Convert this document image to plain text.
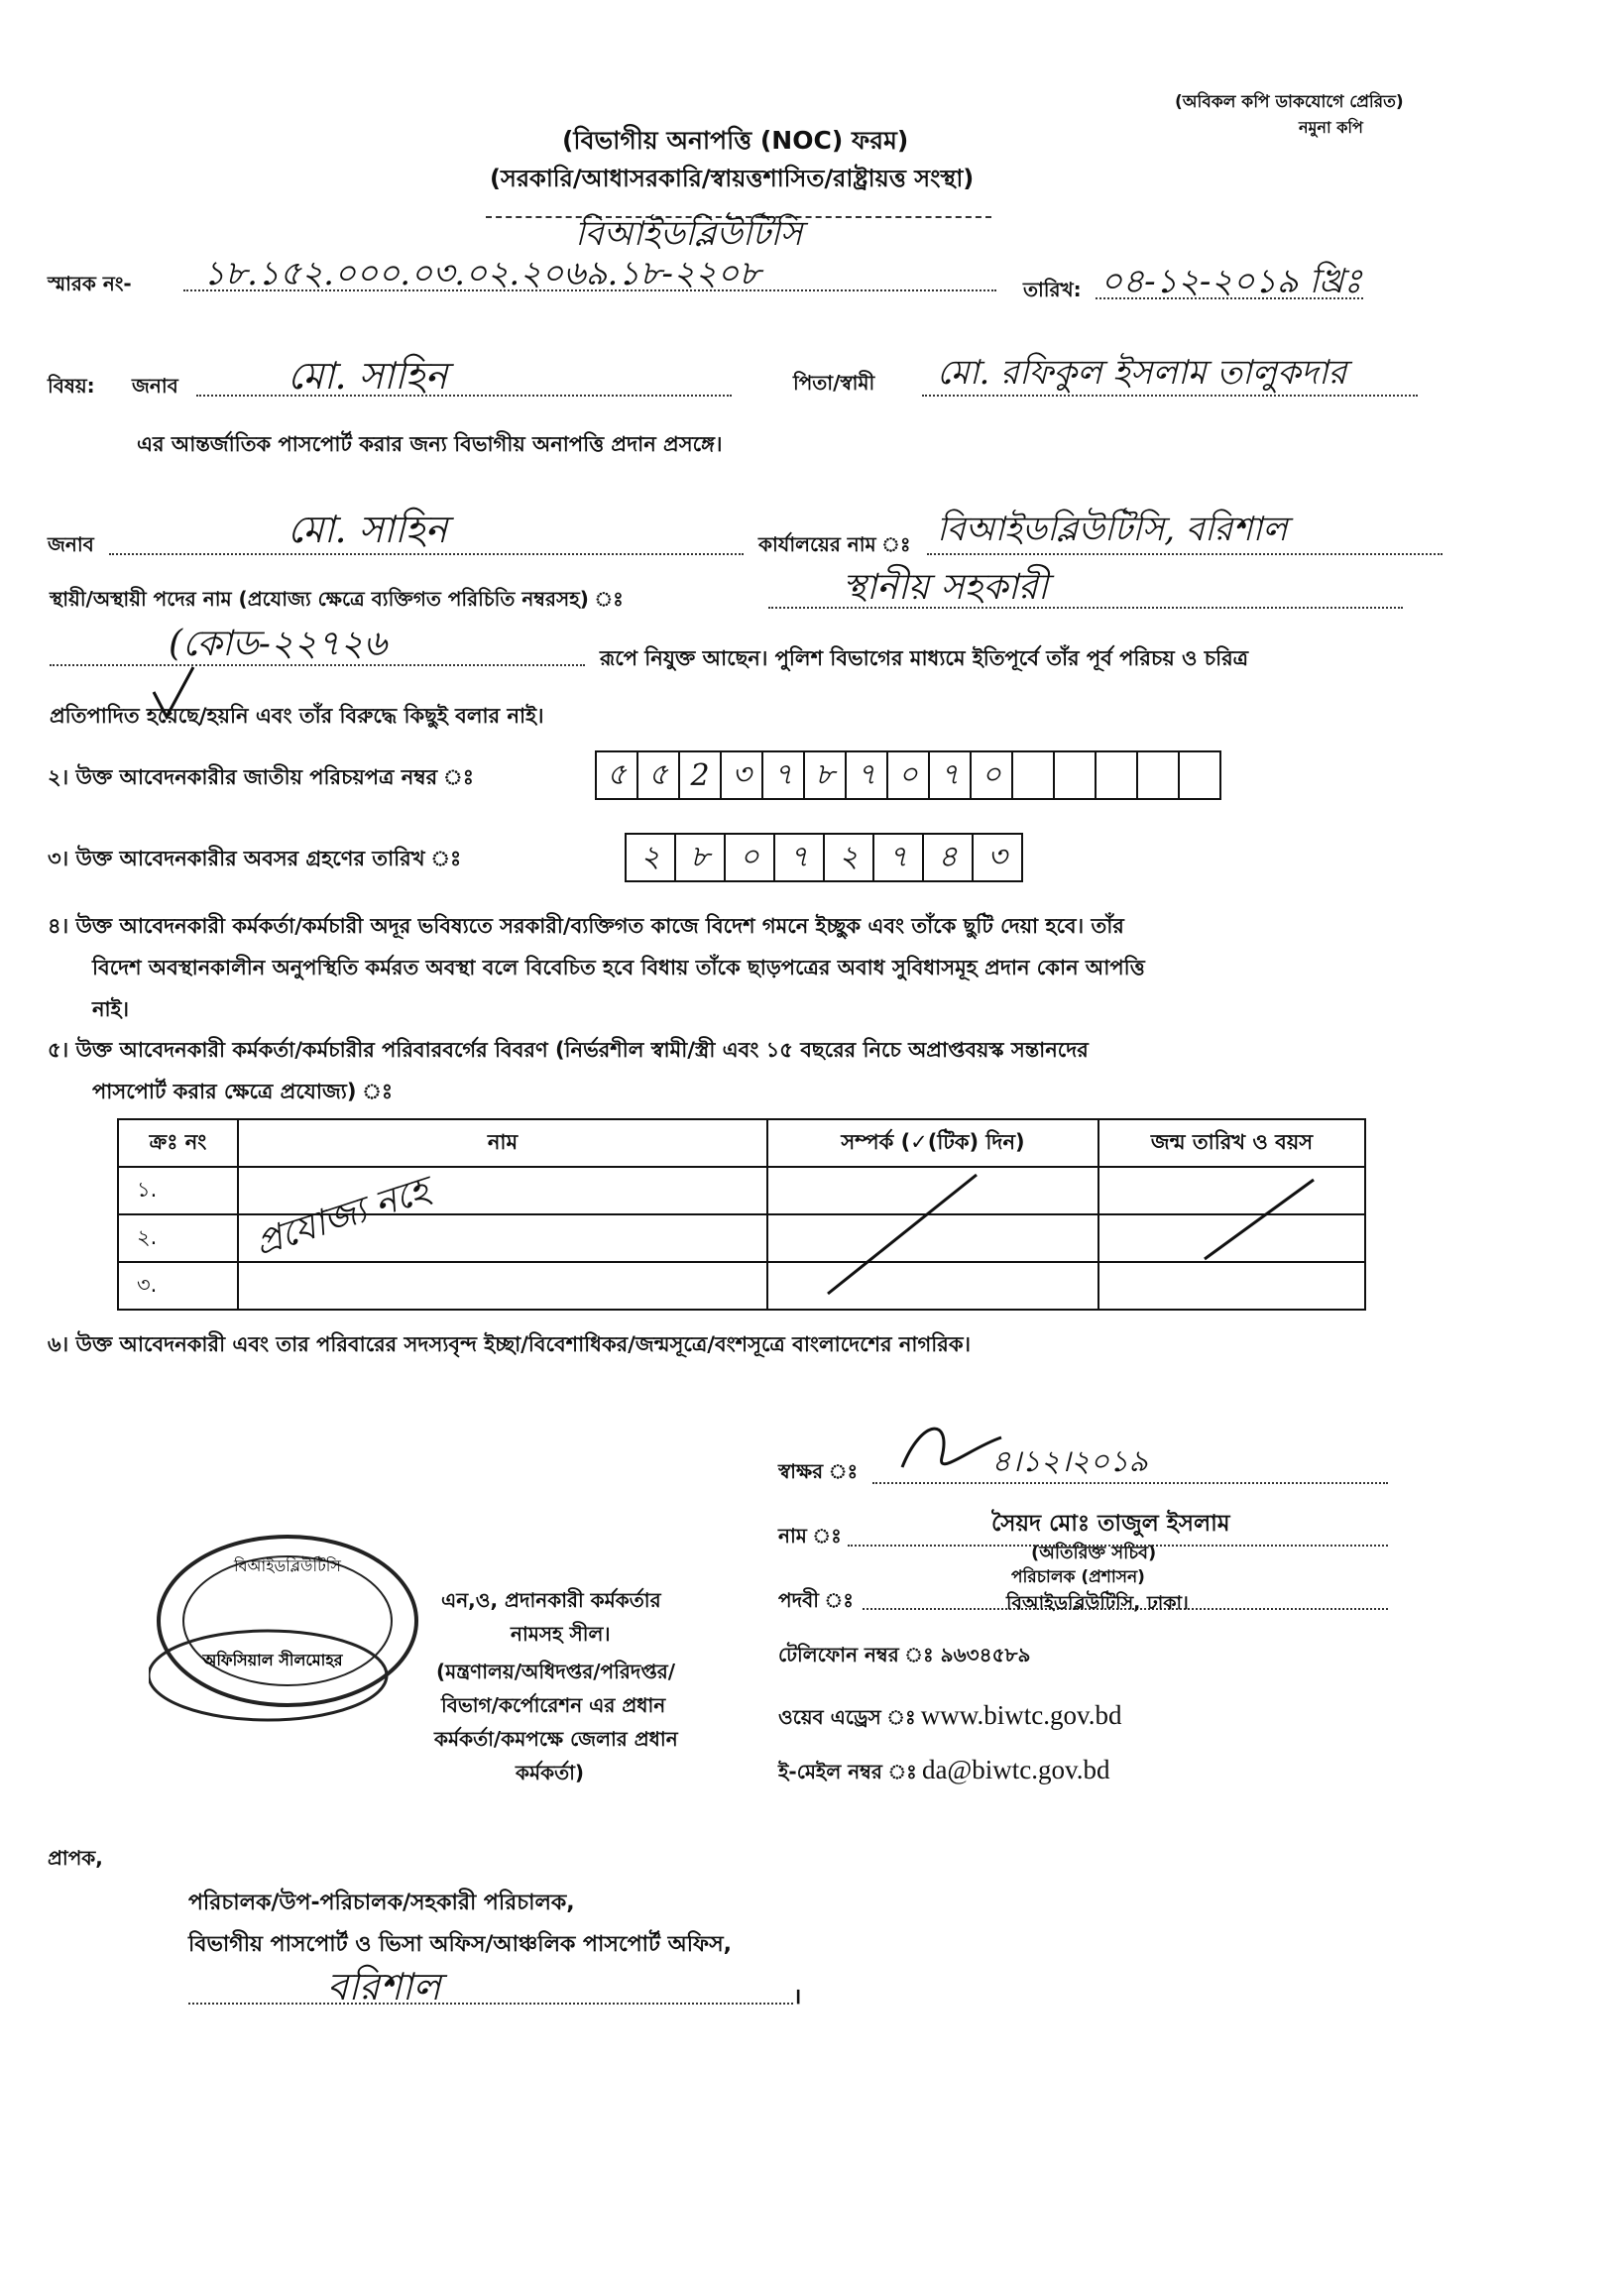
(অবিকল কপি ডাকযোগে প্রেরিত)
নমুনা কপি
(বিভাগীয় অনাপত্তি (NOC) ফরম)
(সরকারি/আধাসরকারি/স্বায়ত্তশাসিত/রাষ্ট্রায়ত্ত সংস্থা)
বিআইডব্লিউটিসি
স্মারক নং- ১৮.১৫২.০০০.০৩.০২.২০৬৯.১৮-২২০৮	তারিখ: ০৪-১২-২০১৯ খ্রিঃ
বিষয়: জনাব	মো. সাহিন	পিতা/স্বামী মো. রফিকুল ইসলাম তালুকদার
এর আন্তর্জাতিক পাসপোর্ট করার জন্য বিভাগীয় অনাপত্তি প্রদান প্রসঙ্গে।
জনাব	মো. সাহিন	কার্যালয়ের নাম ঃ বিআইডব্লিউটিসি, বরিশাল
স্থায়ী/অস্থায়ী পদের নাম (প্রযোজ্য ক্ষেত্রে ব্যক্তিগত পরিচিতি নম্বরসহ) ঃ	স্থানীয় সহকারী
(কোড-২২৭২৬	রূপে নিযুক্ত আছেন। পুলিশ বিভাগের মাধ্যমে ইতিপূর্বে তাঁর পূর্ব পরিচয় ও চরিত্র
প্রতিপাদিত হয়েছে/হয়নি এবং তাঁর বিরুদ্ধে কিছুই বলার নাই।
২। উক্ত আবেদনকারীর জাতীয় পরিচয়পত্র নম্বর ঃ	৫ ৫ 2 ৩ ৭ ৮ ৭ ০ ৭ ০
৩। উক্ত আবেদনকারীর অবসর গ্রহণের তারিখ ঃ	২	৮	০	৭	২	৭	৪	৩
৪। উক্ত আবেদনকারী কর্মকর্তা/কর্মচারী অদূর ভবিষ্যতে সরকারী/ব্যক্তিগত কাজে বিদেশ গমনে ইচ্ছুক এবং তাঁকে ছুটি দেয়া হবে। তাঁর
বিদেশ অবস্থানকালীন অনুপস্থিতি কর্মরত অবস্থা বলে বিবেচিত হবে বিধায় তাঁকে ছাড়পত্রের অবাধ সুবিধাসমূহ প্রদান কোন আপত্তি
নাই।
৫। উক্ত আবেদনকারী কর্মকর্তা/কর্মচারীর পরিবারবর্গের বিবরণ (নির্ভরশীল স্বামী/স্ত্রী এবং ১৫ বছরের নিচে অপ্রাপ্তবয়স্ক সন্তানদের
পাসপোর্ট করার ক্ষেত্রে প্রযোজ্য) ঃ
ক্রঃ নং	নাম	সম্পর্ক (✓(টিক) দিন)	জন্ম তারিখ ও বয়স
১.			
২.			
৩.			
প্রযোজ্য নহে
৬। উক্ত আবেদনকারী এবং তার পরিবারের সদস্যবৃন্দ ইচ্ছা/বিবেশাধিকর/জন্মসূত্রে/বংশসূত্রে বাংলাদেশের নাগরিক।
স্বাক্ষর ঃ	৪।১২।২০১৯
নাম ঃ	সৈয়দ মোঃ তাজুল ইসলাম
(অতিরিক্ত সচিব)
পদবী ঃ
পরিচালক (প্রশাসন)
বিআইডব্লিউটিসি, ঢাকা।
টেলিফোন নম্বর ঃ ৯৬৩৪৫৮৯
ওয়েব এড্রেস ঃ www.biwtc.gov.bd
ই-মেইল নম্বর ঃ da@biwtc.gov.bd
এন,ও, প্রদানকারী কর্মকর্তার
নামসহ সীল।
(মন্ত্রণালয়/অধিদপ্তর/পরিদপ্তর/
বিভাগ/কর্পোরেশন এর প্রধান
কর্মকর্তা/কমপক্ষে জেলার প্রধান
কর্মকর্তা)
বিআইডব্লিউটিসি
অফিসিয়াল সীলমোহর
প্রাপক,
পরিচালক/উপ-পরিচালক/সহকারী পরিচালক,
বিভাগীয় পাসপোর্ট ও ভিসা অফিস/আঞ্চলিক পাসপোর্ট অফিস,
বরিশাল	।
